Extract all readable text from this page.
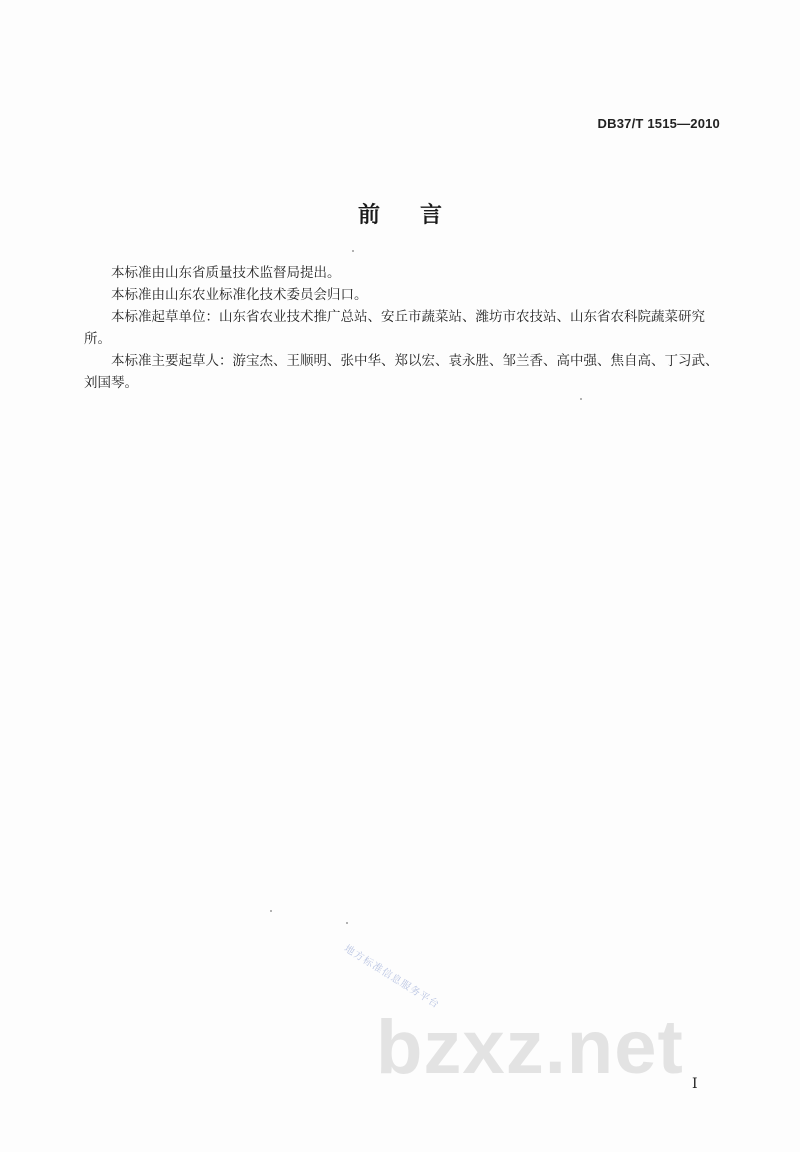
DB37/T 1515—2010
前言

本标准由山东省质量技术监督局提出。

本标准由山东农业标准化技术委员会归口。

本标准起草单位：山东省农业技术推广总站、安丘市蔬菜站、潍坊市农技站、山东省农科院蔬菜研究所。

本标准主要起草人：游宝杰、王顺明、张中华、郑以宏、袁永胜、邹兰香、高中强、焦自高、丁习武、刘国琴。

地方标准信息服务平台
bzxz.net I
